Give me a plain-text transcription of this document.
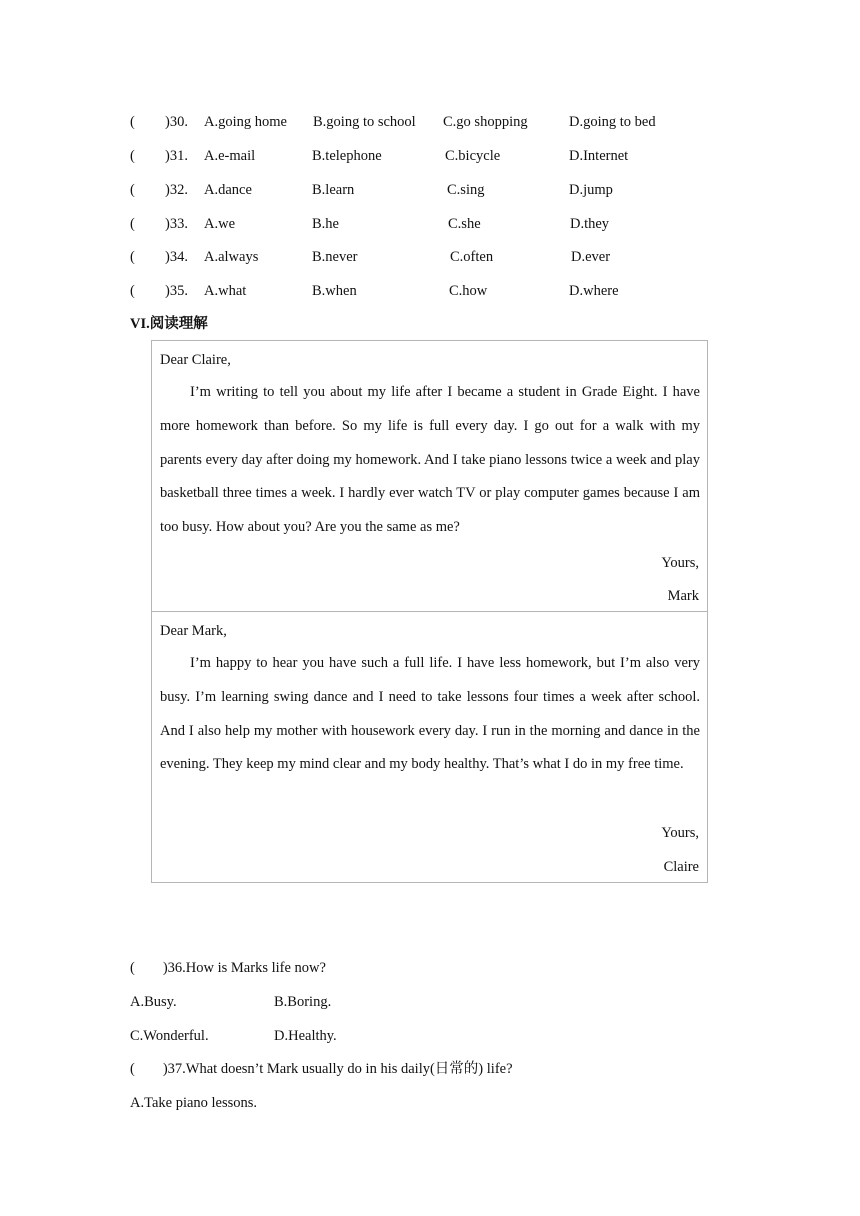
( )30. A.going home B.going to school C.go shopping	D.going to bed
( )31. A.e-mail	B.telephone	C.bicycle	D.Internet
( )32. A.dance	B.learn	C.sing	D.jump
( )33. A.we	B.he	C.she	D.they
( )34. A.always	B.never	C.often	D.ever
( )35. A.what	B.when	C.how	D.where
VI.阅读理解
Dear Claire,

I’m writing to tell you about my life after I became a student in Grade Eight. I have more homework than before. So my life is full every day. I go out for a walk with my parents every day after doing my homework. And I take piano lessons twice a week and play basketball three times a week. I hardly ever watch TV or play computer games because I am too busy. How about you? Are you the same as me?

Yours,
Mark
Dear Mark,

I’m happy to hear you have such a full life. I have less homework, but I’m also very busy. I’m learning swing dance and I need to take lessons four times a week after school. And I also help my mother with housework every day. I run in the morning and dance in the evening. They keep my mind clear and my body healthy. That’s what I do in my free time.

Yours,
Claire
( )36.How is Marks life now?
A.Busy.	B.Boring.
C.Wonderful.	D.Healthy.
( )37.What doesn’t Mark usually do in his daily(日常的) life?
A.Take piano lessons.
